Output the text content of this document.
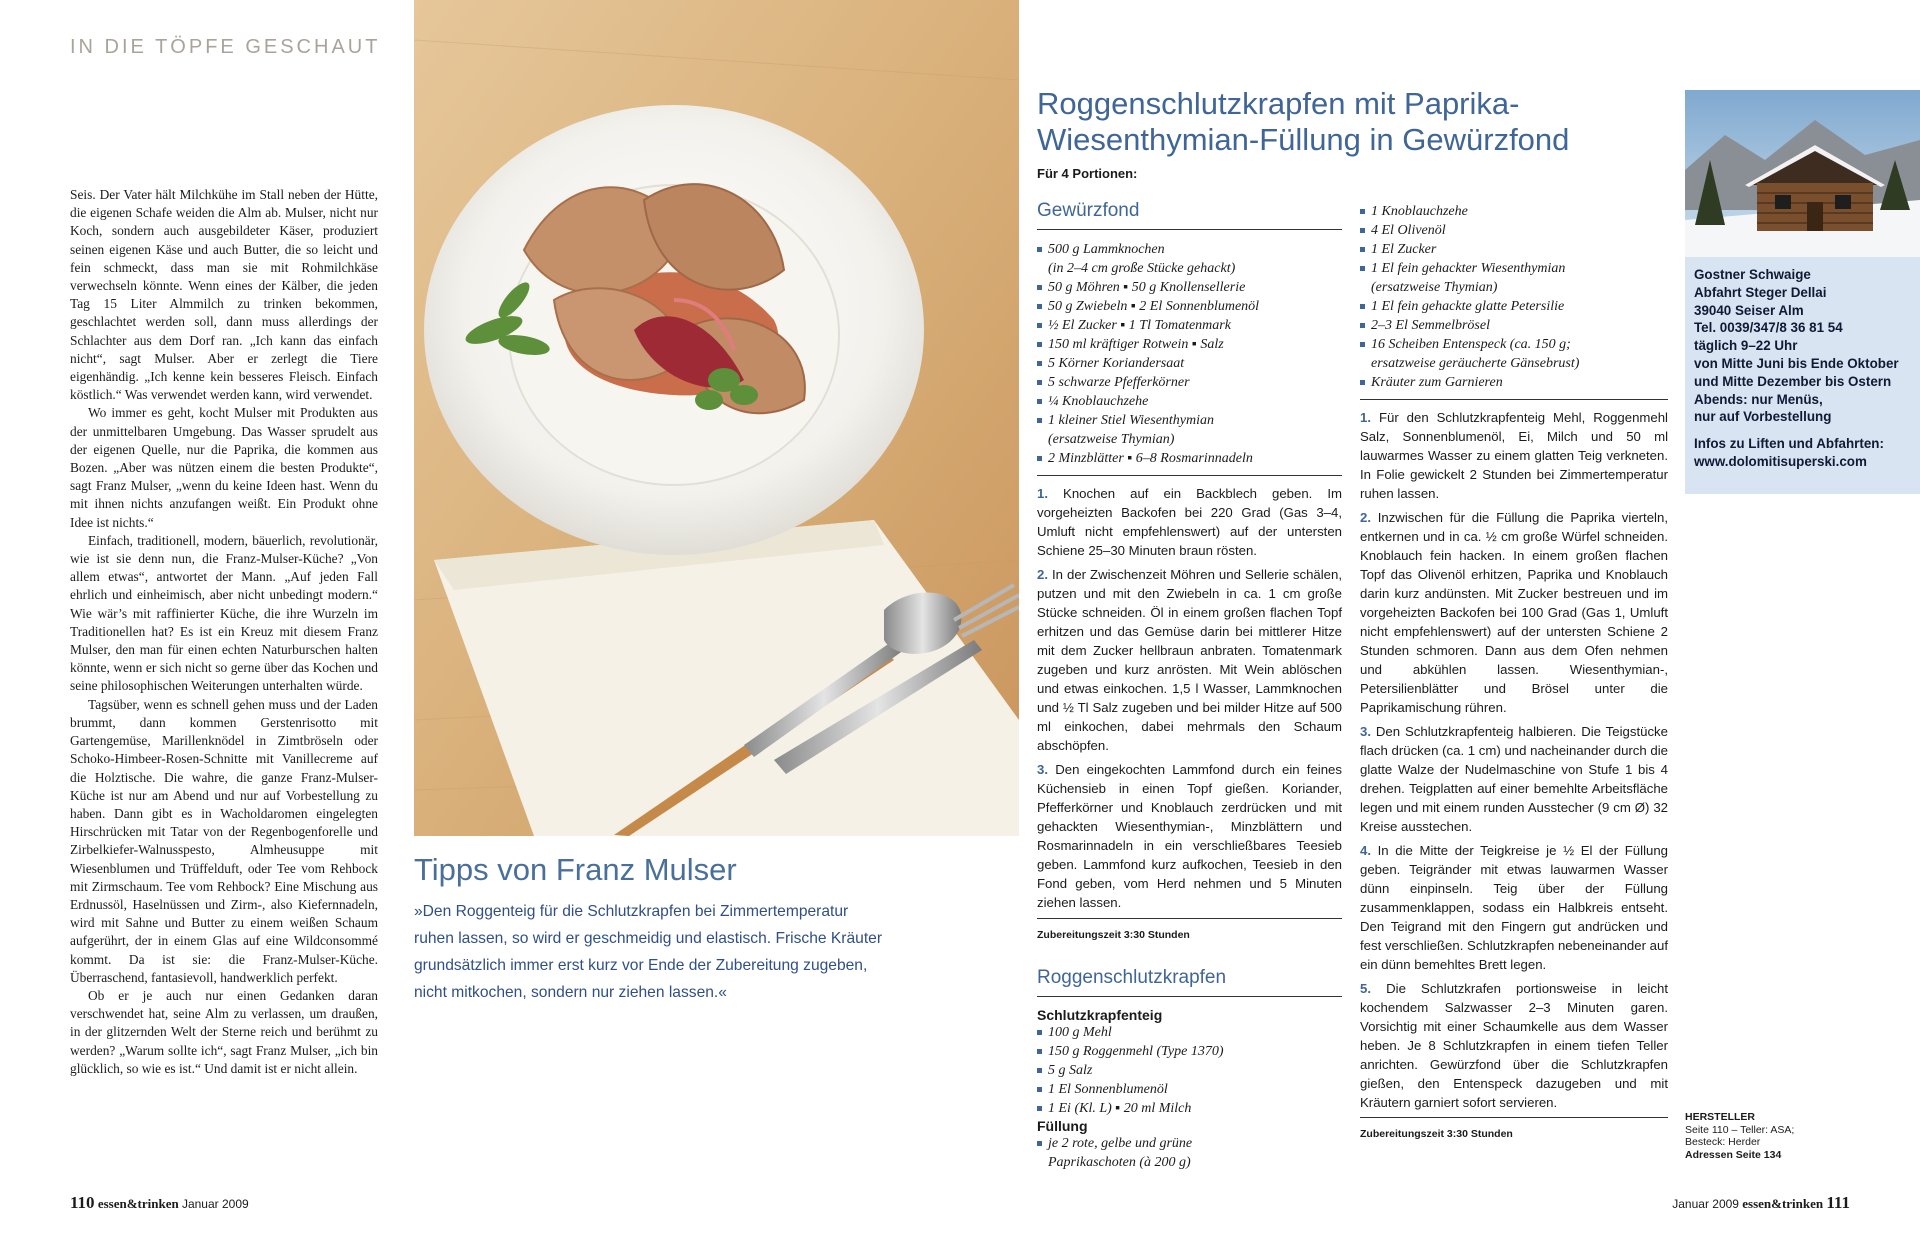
IN DIE TÖPFE GESCHAUT

Seis. Der Vater hält Milchkühe im Stall neben der Hütte, die eigenen Schafe weiden die Alm ab. Mulser, nicht nur Koch, sondern auch ausgebildeter Käser, produziert seinen eigenen Käse und auch Butter, die so leicht und fein schmeckt, dass man sie mit Rohmilchkäse verwechseln könnte. Wenn eines der Kälber, die jeden Tag 15 Liter Almmilch zu trinken bekommen, geschlachtet werden soll, dann muss allerdings der Schlachter aus dem Dorf ran. „Ich kann das einfach nicht“, sagt Mulser. Aber er zerlegt die Tiere eigenhändig. „Ich kenne kein besseres Fleisch. Einfach köstlich.“ Was verwendet werden kann, wird verwendet.

Wo immer es geht, kocht Mulser mit Produkten aus der unmittelbaren Umgebung. Das Wasser sprudelt aus der eigenen Quelle, nur die Paprika, die kommen aus Bozen. „Aber was nützen einem die besten Produkte“, sagt Franz Mulser, „wenn du keine Ideen hast. Wenn du mit ihnen nichts anzufangen weißt. Ein Produkt ohne Idee ist nichts.“

Einfach, traditionell, modern, bäuerlich, revolutionär, wie ist sie denn nun, die Franz-Mulser-Küche? „Von allem etwas“, antwortet der Mann. „Auf jeden Fall ehrlich und einheimisch, aber nicht unbedingt modern.“ Wie wär’s mit raffinierter Küche, die ihre Wurzeln im Traditionellen hat? Es ist ein Kreuz mit diesem Franz Mulser, den man für einen echten Naturburschen halten könnte, wenn er sich nicht so gerne über das Kochen und seine philosophischen Weiterungen unterhalten würde.

Tagsüber, wenn es schnell gehen muss und der Laden brummt, dann kommen Gerstenrisotto mit Gartengemüse, Marillenknödel in Zimtbröseln oder Schoko-Himbeer-Rosen-Schnitte mit Vanillecreme auf die Holztische. Die wahre, die ganze Franz-Mulser-Küche ist nur am Abend und nur auf Vorbestellung zu haben. Dann gibt es in Wacholdaromen eingelegten Hirschrücken mit Tatar von der Regenbogenforelle und Zirbelkiefer-Walnusspesto, Almheusuppe mit Wiesenblumen und Trüffelduft, oder Tee vom Rehbock mit Zirmschaum. Tee vom Rehbock? Eine Mischung aus Erdnussöl, Haselnüssen und Zirm-, also Kiefernnadeln, wird mit Sahne und Butter zu einem weißen Schaum aufgerührt, der in einem Glas auf eine Wildconsommé kommt. Da ist sie: die Franz-Mulser-Küche. Überraschend, fantasievoll, handwerklich perfekt.

Ob er je auch nur einen Gedanken daran verschwendet hat, seine Alm zu verlassen, um draußen, in der glitzernden Welt der Sterne reich und berühmt zu werden? „Warum sollte ich“, sagt Franz Mulser, „ich bin glücklich, so wie es ist.“ Und damit ist er nicht allein.

Tipps von Franz Mulser
»Den Roggenteig für die Schlutzkrapfen bei Zimmertemperatur ruhen lassen, so wird er geschmeidig und elastisch. Frische Kräuter grundsätzlich immer erst kurz vor Ende der Zubereitung zugeben, nicht mitkochen, sondern nur ziehen lassen.«
110 essen&trinken Januar 2009
Roggenschlutzkrapfen mit Paprika-
Wiesenthymian-Füllung in Gewürzfond
Für 4 Portionen:
Gewürzfond
500 g Lammknochen
(in 2–4 cm große Stücke gehackt)
50 g Möhren ▪ 50 g Knollensellerie
50 g Zwiebeln ▪ 2 El Sonnenblumenöl
½ El Zucker ▪ 1 Tl Tomatenmark
150 ml kräftiger Rotwein ▪ Salz
5 Körner Koriandersaat
5 schwarze Pfefferkörner
¼ Knoblauchzehe
1 kleiner Stiel Wiesenthymian
(ersatzweise Thymian)
2 Minzblätter ▪ 6–8 Rosmarinnadeln

1. Knochen auf ein Backblech geben. Im vorgeheizten Backofen bei 220 Grad (Gas 3–4, Umluft nicht empfehlenswert) auf der untersten Schiene 25–30 Minuten braun rösten.

2. In der Zwischenzeit Möhren und Sellerie schälen, putzen und mit den Zwiebeln in ca. 1 cm große Stücke schneiden. Öl in einem großen flachen Topf erhitzen und das Gemüse darin bei mittlerer Hitze mit dem Zucker hellbraun anbraten. Tomatenmark zugeben und kurz anrösten. Mit Wein ablöschen und etwas einkochen. 1,5 l Wasser, Lammknochen und ½ Tl Salz zugeben und bei milder Hitze auf 500 ml einkochen, dabei mehrmals den Schaum abschöpfen.

3. Den eingekochten Lammfond durch ein feines Küchensieb in einen Topf gießen. Koriander, Pfefferkörner und Knoblauch zerdrücken und mit gehackten Wiesenthymian-, Minzblättern und Rosmarinnadeln in ein verschließbares Teesieb geben. Lammfond kurz aufkochen, Teesieb in den Fond geben, vom Herd nehmen und 5 Minuten ziehen lassen.

Zubereitungszeit 3:30 Stunden
Roggenschlutzkrapfen

Schlutzkrapfenteig

100 g Mehl
150 g Roggenmehl (Type 1370)
5 g Salz
1 El Sonnenblumenöl
1 Ei (Kl. L) ▪ 20 ml Milch

Füllung

je 2 rote, gelbe und grüne
Paprikaschoten (à 200 g)
1 Knoblauchzehe
4 El Olivenöl
1 El Zucker
1 El fein gehackter Wiesenthymian
(ersatzweise Thymian)
1 El fein gehackte glatte Petersilie
2–3 El Semmelbrösel
16 Scheiben Entenspeck (ca. 150 g;
ersatzweise geräucherte Gänsebrust)
Kräuter zum Garnieren

1. Für den Schlutzkrapfenteig Mehl, Roggenmehl Salz, Sonnenblumenöl, Ei, Milch und 50 ml lauwarmes Wasser zu einem glatten Teig verkneten. In Folie gewickelt 2 Stunden bei Zimmertemperatur ruhen lassen.

2. Inzwischen für die Füllung die Paprika vierteln, entkernen und in ca. ½ cm große Würfel schneiden. Knoblauch fein hacken. In einem großen flachen Topf das Olivenöl erhitzen, Paprika und Knoblauch darin kurz andünsten. Mit Zucker bestreuen und im vorgeheizten Backofen bei 100 Grad (Gas 1, Umluft nicht empfehlenswert) auf der untersten Schiene 2 Stunden schmoren. Dann aus dem Ofen nehmen und abkühlen lassen. Wiesenthymian-, Petersilienblätter und Brösel unter die Paprikamischung rühren.

3. Den Schlutzkrapfenteig halbieren. Die Teigstücke flach drücken (ca. 1 cm) und nacheinander durch die glatte Walze der Nudelmaschine von Stufe 1 bis 4 drehen. Teigplatten auf einer bemehlte Arbeitsfläche legen und mit einem runden Ausstecher (9 cm Ø) 32 Kreise ausstechen.

4. In die Mitte der Teigkreise je ½ El der Füllung geben. Teigränder mit etwas lauwarmen Wasser dünn einpinseln. Teig über der Füllung zusammenklappen, sodass ein Halbkreis entseht. Den Teigrand mit den Fingern gut andrücken und fest verschließen. Schlutzkrapfen nebeneinander auf ein dünn bemehltes Brett legen.

5. Die Schlutzkrafen portionsweise in leicht kochendem Salzwasser 2–3 Minuten garen. Vorsichtig mit einer Schaumkelle aus dem Wasser heben. Je 8 Schlutzkrapfen in einem tiefen Teller anrichten. Gewürzfond über die Schlutzkrapfen gießen, den Entenspeck dazugeben und mit Kräutern garniert sofort servieren.

Zubereitungszeit 3:30 Stunden
Gostner Schwaige
Abfahrt Steger Dellai
39040 Seiser Alm
Tel. 0039/347/8 36 81 54
täglich 9–22 Uhr
von Mitte Juni bis Ende Oktober
und Mitte Dezember bis Ostern
Abends: nur Menüs,
nur auf Vorbestellung
Infos zu Liften und Abfahrten:
www.dolomitisuperski.com
HERSTELLER
Seite 110 – Teller: ASA;
Besteck: Herder
Adressen Seite 134
Januar 2009 essen&trinken 111
